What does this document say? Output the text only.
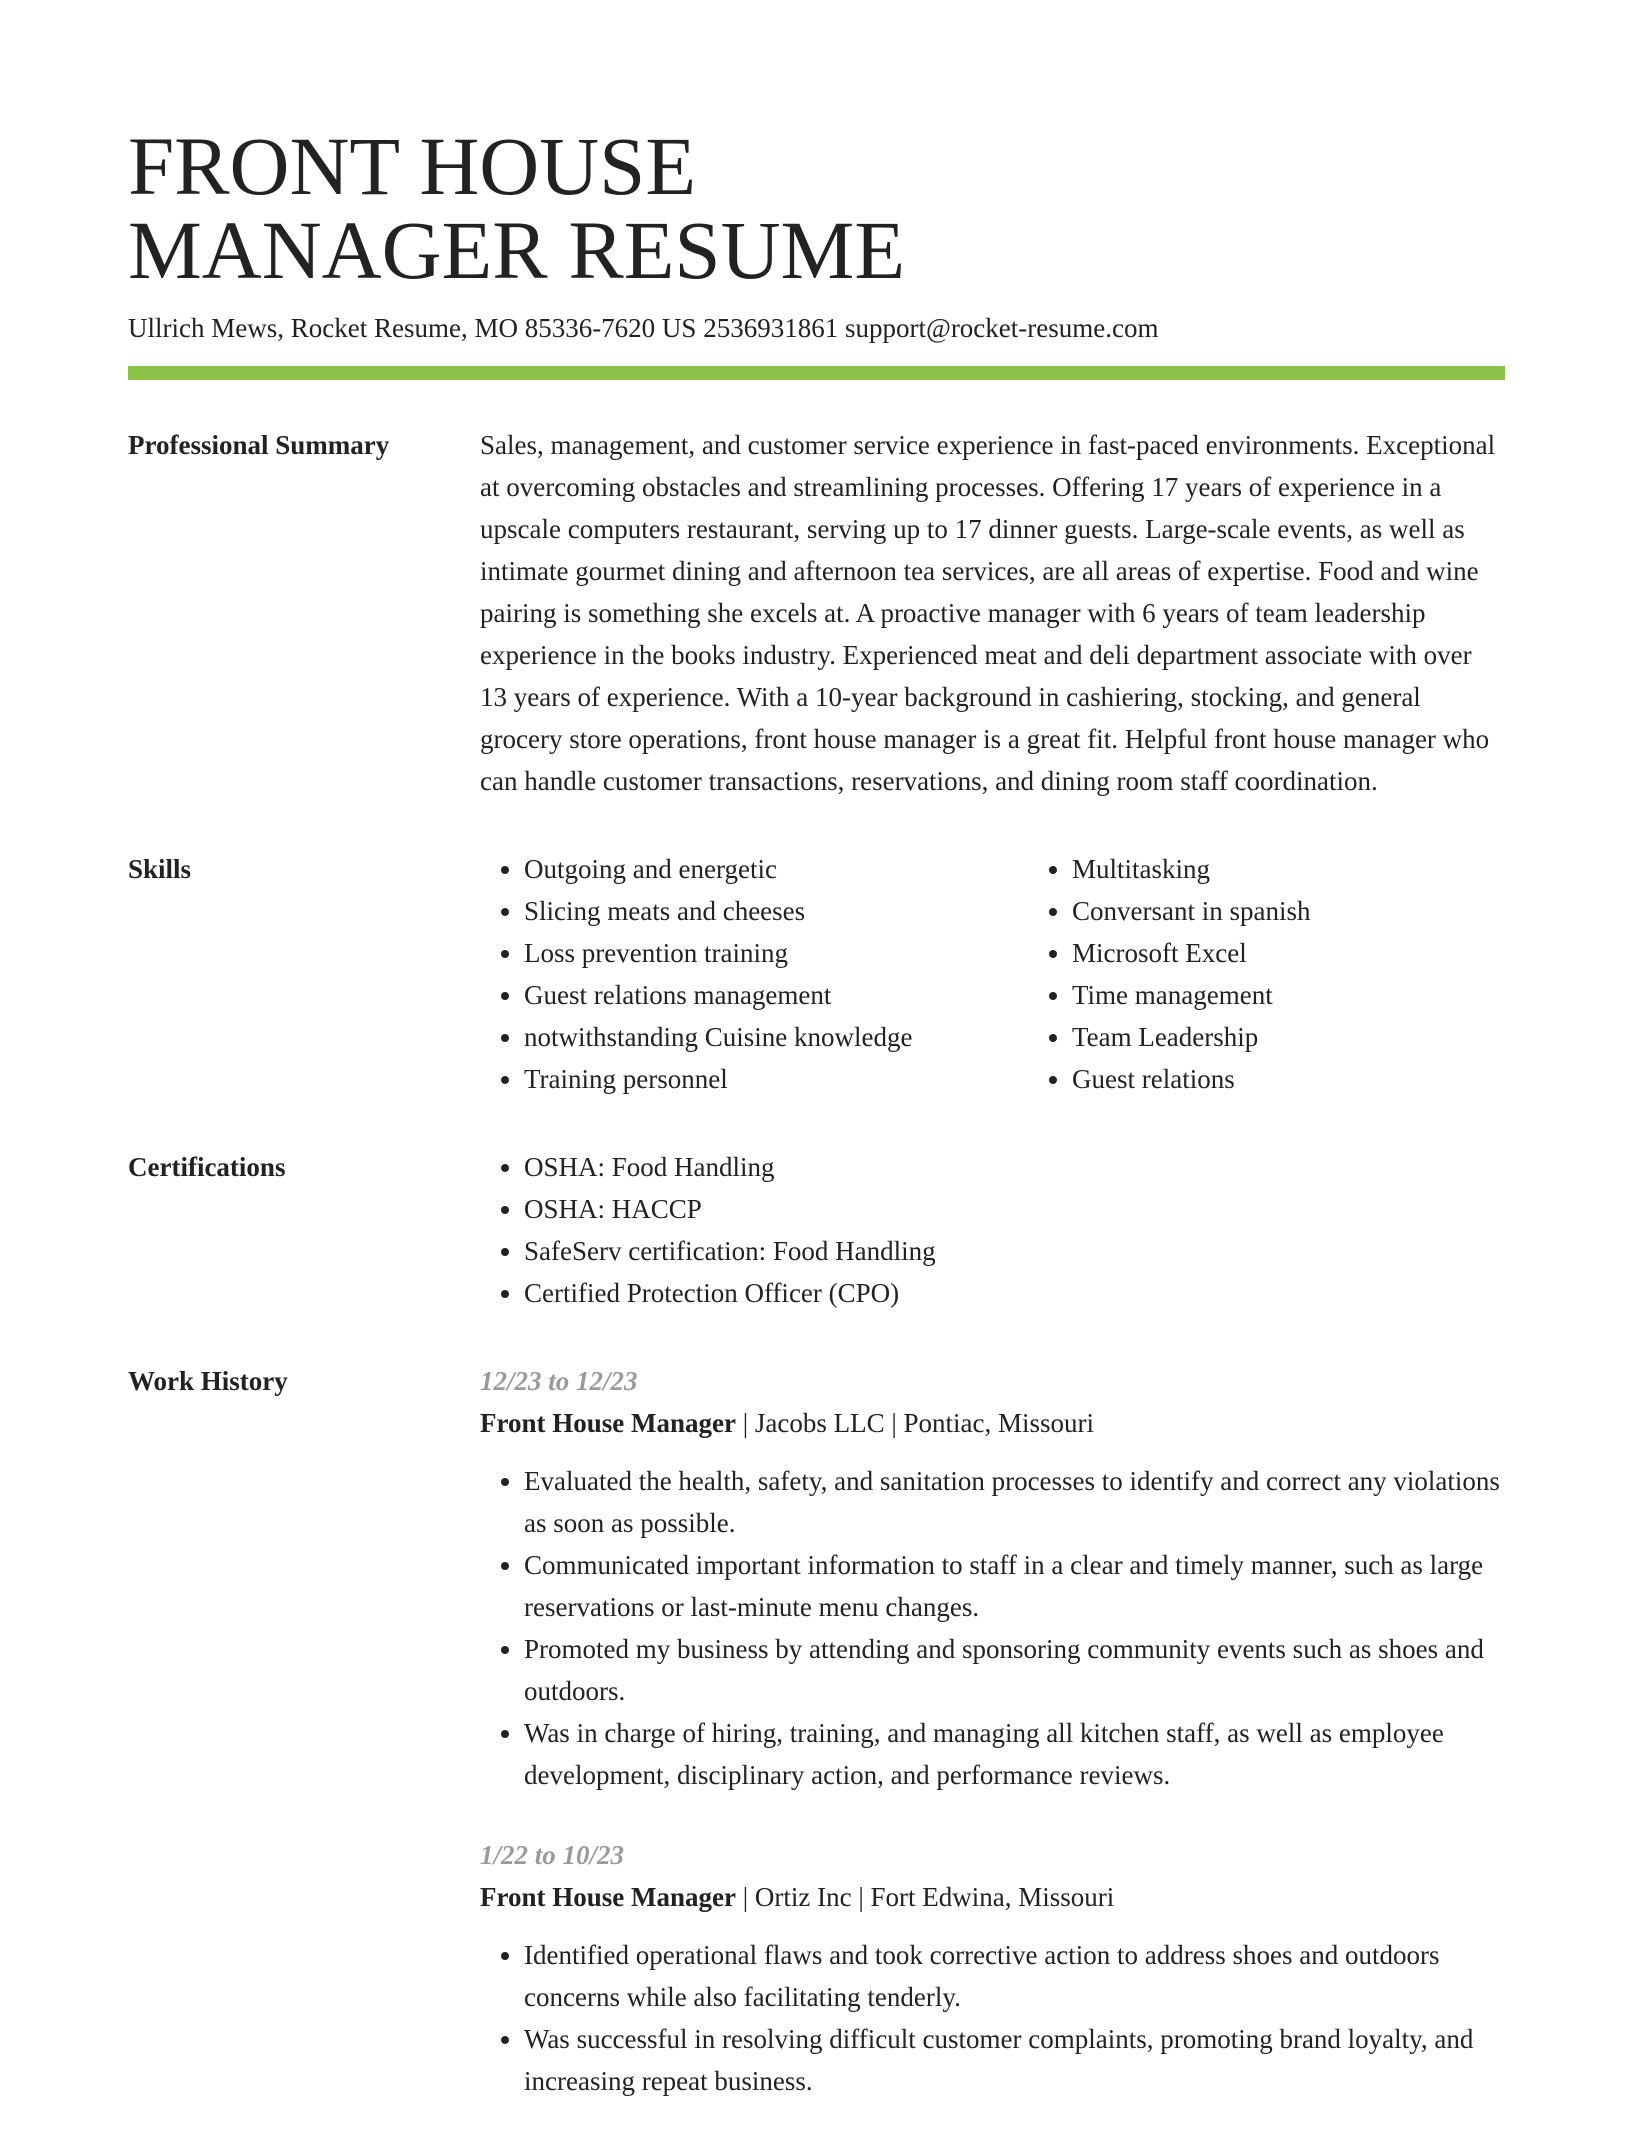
FRONT HOUSE
MANAGER RESUME
Ullrich Mews, Rocket Resume, MO 85336-7620 US 2536931861 support@rocket-resume.com
Professional Summary	Sales, management, and customer service experience in fast-paced environments. Exceptional at overcoming obstacles and streamlining processes. Offering 17 years of experience in a upscale computers restaurant, serving up to 17 dinner guests. Large-scale events, as well as intimate gourmet dining and afternoon tea services, are all areas of expertise. Food and wine pairing is something she excels at. A proactive manager with 6 years of team leadership experience in the books industry. Experienced meat and deli department associate with over 13 years of experience. With a 10-year background in cashiering, stocking, and general grocery store operations, front house manager is a great fit. Helpful front house manager who can handle customer transactions, reservations, and dining room staff coordination.

Skills	• Outgoing and energetic
• Slicing meats and cheeses
• Loss prevention training
• Guest relations management
• notwithstanding Cuisine knowledge
• Training personnel
• Multitasking
• Conversant in spanish
• Microsoft Excel
• Time management
• Team Leadership
• Guest relations
Certifications	• OSHA: Food Handling
• OSHA: HACCP
• SafeServ certification: Food Handling
• Certified Protection Officer (CPO)
Work History	12/23 to 12/23
Front House Manager | Jacobs LLC | Pontiac, Missouri
• Evaluated the health, safety, and sanitation processes to identify and correct any violations as soon as possible.
• Communicated important information to staff in a clear and timely manner, such as large reservations or last-minute menu changes.
• Promoted my business by attending and sponsoring community events such as shoes and outdoors.
• Was in charge of hiring, training, and managing all kitchen staff, as well as employee development, disciplinary action, and performance reviews.
1/22 to 10/23
Front House Manager | Ortiz Inc | Fort Edwina, Missouri
• Identified operational flaws and took corrective action to address shoes and outdoors concerns while also facilitating tenderly.
• Was successful in resolving difficult customer complaints, promoting brand loyalty, and increasing repeat business.
